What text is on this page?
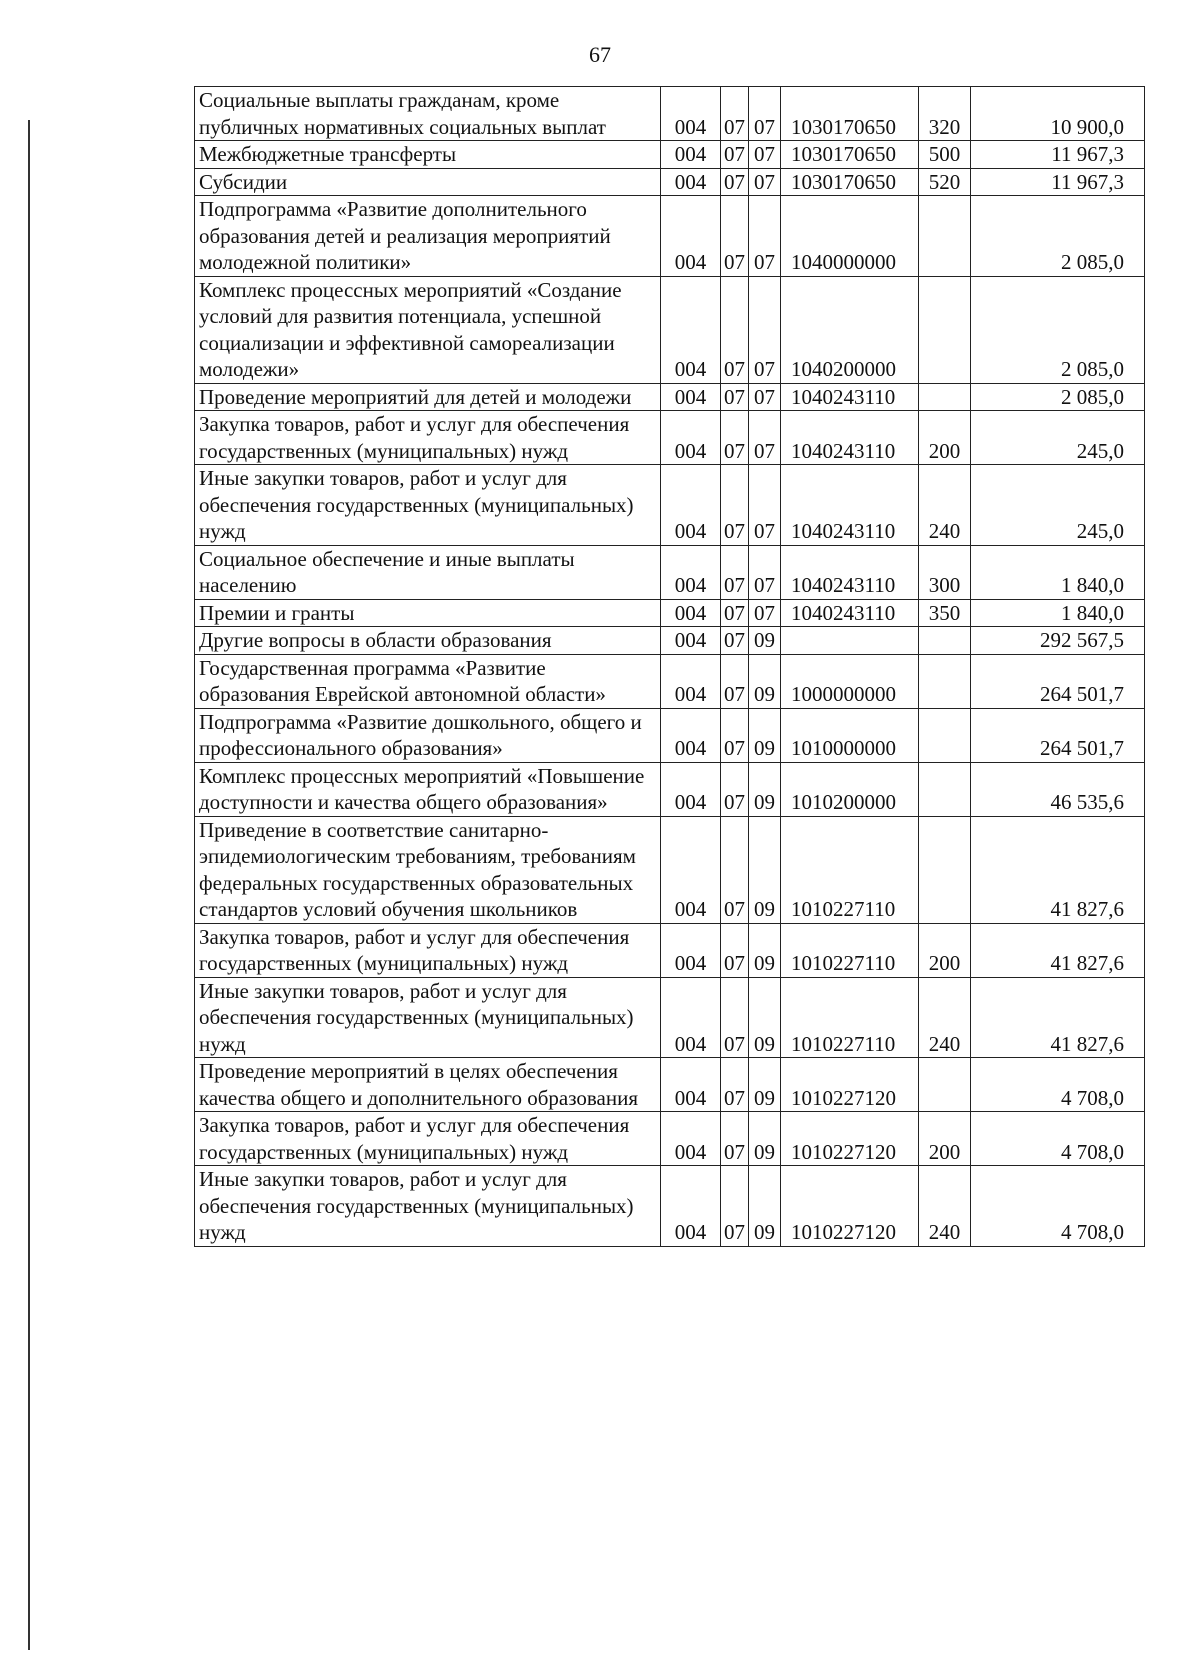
67
Социальные выплаты гражданам, кроме публичных нормативных социальных выплат	004	07	07	1030170650	320	10 900,0
Межбюджетные трансферты	004	07	07	1030170650	500	11 967,3
Субсидии	004	07	07	1030170650	520	11 967,3
Подпрограмма «Развитие дополнительного образования детей и реализация мероприятий молодежной политики»	004	07	07	1040000000		2 085,0
Комплекс процессных мероприятий «Создание условий для развития потенциала, успешной социализации и эффективной самореализации молодежи»	004	07	07	1040200000		2 085,0
Проведение мероприятий для детей и молодежи	004	07	07	1040243110		2 085,0
Закупка товаров, работ и услуг для обеспечения государственных (муниципальных) нужд	004	07	07	1040243110	200	245,0
Иные закупки товаров, работ и услуг для обеспечения государственных (муниципальных) нужд	004	07	07	1040243110	240	245,0
Социальное обеспечение и иные выплаты населению	004	07	07	1040243110	300	1 840,0
Премии и гранты	004	07	07	1040243110	350	1 840,0
Другие вопросы в области образования	004	07	09			292 567,5
Государственная программа «Развитие образования Еврейской автономной области»	004	07	09	1000000000		264 501,7
Подпрограмма «Развитие дошкольного, общего и профессионального образования»	004	07	09	1010000000		264 501,7
Комплекс процессных мероприятий «Повышение доступности и качества общего образования»	004	07	09	1010200000		46 535,6
Приведение в соответствие санитарно-эпидемиологическим требованиям, требованиям федеральных государственных образовательных стандартов условий обучения школьников	004	07	09	1010227110		41 827,6
Закупка товаров, работ и услуг для обеспечения государственных (муниципальных) нужд	004	07	09	1010227110	200	41 827,6
Иные закупки товаров, работ и услуг для обеспечения государственных (муниципальных) нужд	004	07	09	1010227110	240	41 827,6
Проведение мероприятий в целях обеспечения качества общего и дополнительного образования	004	07	09	1010227120		4 708,0
Закупка товаров, работ и услуг для обеспечения государственных (муниципальных) нужд	004	07	09	1010227120	200	4 708,0
Иные закупки товаров, работ и услуг для обеспечения государственных (муниципальных) нужд	004	07	09	1010227120	240	4 708,0
